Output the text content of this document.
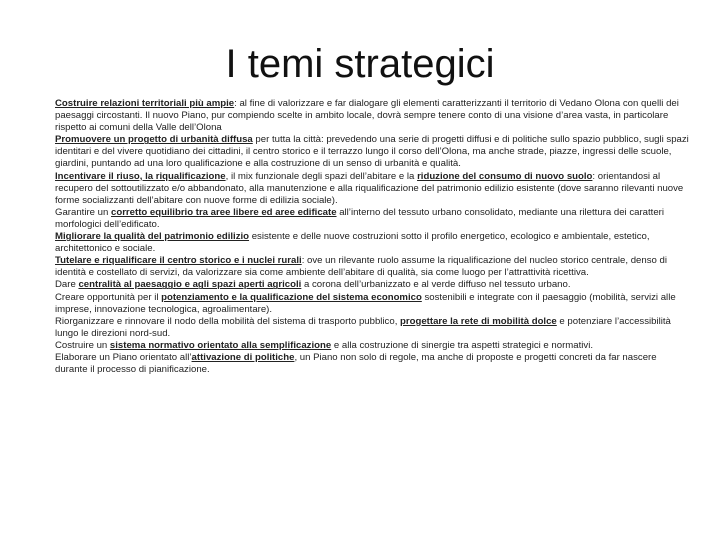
I temi strategici

Costruire relazioni territoriali più ampie: al fine di valorizzare e far dialogare gli elementi caratterizzanti il territorio di Vedano Olona con quelli dei paesaggi circostanti. Il nuovo Piano, pur compiendo scelte in ambito locale, dovrà sempre tenere conto di una visione d’area vasta, in particolare rispetto ai comuni della Valle dell’Olona

Promuovere un progetto di urbanità diffusa per tutta la città: prevedendo una serie di progetti diffusi e di politiche sullo spazio pubblico, sugli spazi identitari e del vivere quotidiano dei cittadini, il centro storico e il terrazzo lungo il corso dell’Olona, ma anche strade, piazze, ingressi delle scuole, giardini, puntando ad una loro qualificazione e alla costruzione di un senso di urbanità e qualità.

Incentivare il riuso, la riqualificazione, il mix funzionale degli spazi dell’abitare e la riduzione del consumo di nuovo suolo: orientandosi al recupero del sottoutilizzato e/o abbandonato, alla manutenzione e alla riqualificazione del patrimonio edilizio esistente (dove saranno rilevanti nuove forme socializzanti dell’abitare con nuove forme di edilizia sociale).

Garantire un corretto equilibrio tra aree libere ed aree edificate all’interno del tessuto urbano consolidato, mediante una rilettura dei caratteri morfologici dell’edificato.

Migliorare la qualità del patrimonio edilizio esistente e delle nuove costruzioni sotto il profilo energetico, ecologico e ambientale, estetico, architettonico e sociale.

Tutelare e riqualificare il centro storico e i nuclei rurali: ove un rilevante ruolo assume la riqualificazione del nucleo storico centrale, denso di identità e costellato di servizi, da valorizzare sia come ambiente dell’abitare di qualità, sia come luogo per l’attrattività ricettiva.

Dare centralità al paesaggio e agli spazi aperti agricoli a corona dell’urbanizzato e al verde diffuso nel tessuto urbano.

Creare opportunità per il potenziamento e la qualificazione del sistema economico sostenibili e integrate con il paesaggio (mobilità, servizi alle imprese, innovazione tecnologica, agroalimentare).

Riorganizzare e rinnovare il nodo della mobilità del sistema di trasporto pubblico, progettare la rete di mobilità dolce e potenziare l’accessibilità lungo le direzioni nord-sud.

Costruire un sistema normativo orientato alla semplificazione e alla costruzione di sinergie tra aspetti strategici e normativi.

Elaborare un Piano orientato all’attivazione di politiche, un Piano non solo di regole, ma anche di proposte e progetti concreti da far nascere durante il processo di pianificazione.
